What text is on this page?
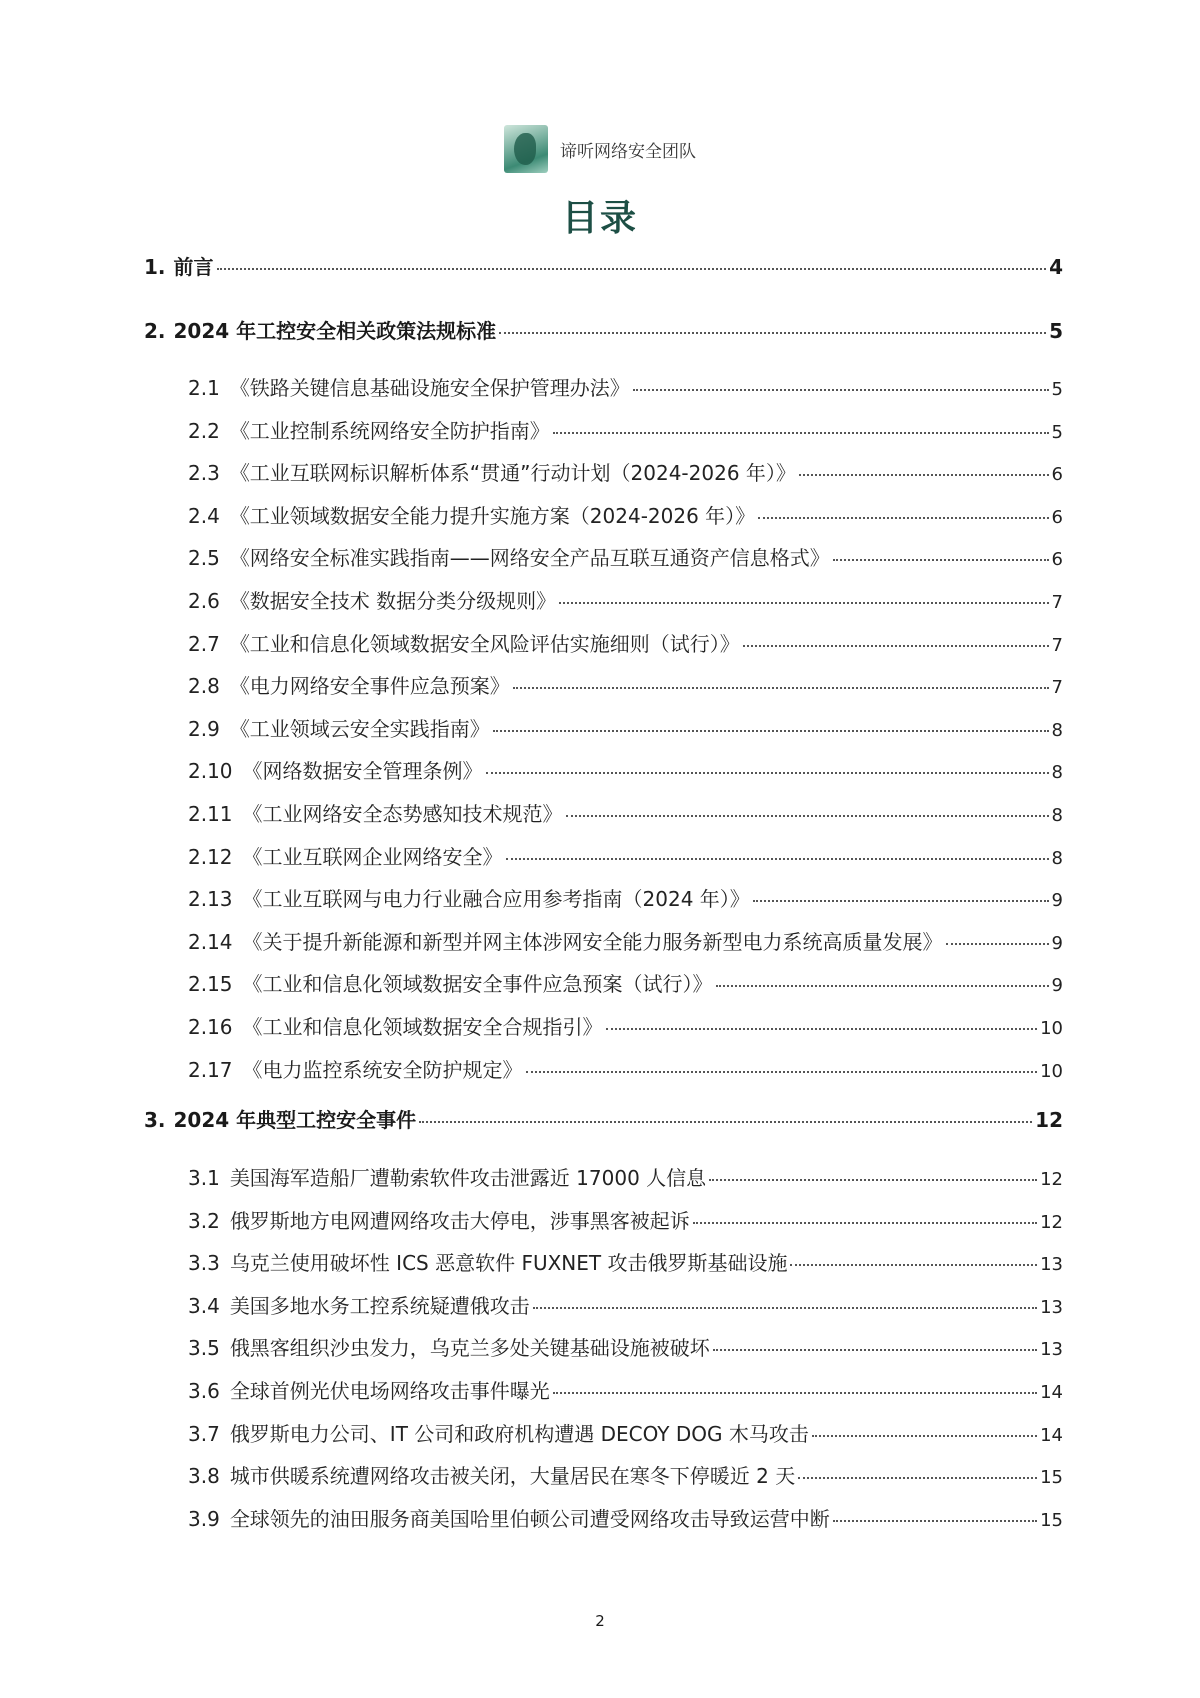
谛听网络安全团队
目录
1. 前言	4
2. 2024 年工控安全相关政策法规标准	5
2.1 《铁路关键信息基础设施安全保护管理办法》	5
2.2 《工业控制系统网络安全防护指南》	5
2.3 《工业互联网标识解析体系“贯通”行动计划（2024-2026 年）》	6
2.4 《工业领域数据安全能力提升实施方案（2024-2026 年）》	6
2.5 《网络安全标准实践指南——网络安全产品互联互通资产信息格式》	6
2.6 《数据安全技术 数据分类分级规则》	7
2.7 《工业和信息化领域数据安全风险评估实施细则（试行）》	7
2.8 《电力网络安全事件应急预案》	7
2.9 《工业领域云安全实践指南》	8
2.10 《网络数据安全管理条例》	8
2.11 《工业网络安全态势感知技术规范》	8
2.12 《工业互联网企业网络安全》	8
2.13 《工业互联网与电力行业融合应用参考指南（2024 年）》	9
2.14 《关于提升新能源和新型并网主体涉网安全能力服务新型电力系统高质量发展》	9
2.15 《工业和信息化领域数据安全事件应急预案（试行）》	9
2.16 《工业和信息化领域数据安全合规指引》	10
2.17 《电力监控系统安全防护规定》	10
3. 2024 年典型工控安全事件	12
3.1 美国海军造船厂遭勒索软件攻击泄露近 17000 人信息	12
3.2 俄罗斯地方电网遭网络攻击大停电，涉事黑客被起诉	12
3.3 乌克兰使用破坏性 ICS 恶意软件 FUXNET 攻击俄罗斯基础设施	13
3.4 美国多地水务工控系统疑遭俄攻击	13
3.5 俄黑客组织沙虫发力，乌克兰多处关键基础设施被破坏	13
3.6 全球首例光伏电场网络攻击事件曝光	14
3.7 俄罗斯电力公司、IT 公司和政府机构遭遇 DECOY DOG 木马攻击	14
3.8 城市供暖系统遭网络攻击被关闭，大量居民在寒冬下停暖近 2 天	15
3.9 全球领先的油田服务商美国哈里伯顿公司遭受网络攻击导致运营中断	15
2
